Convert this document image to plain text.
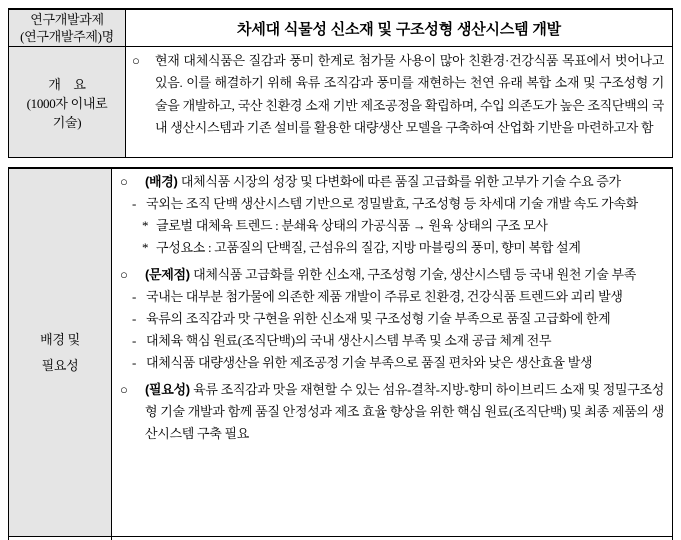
연구개발과제
(연구개발주제)명	차세대 식물성 신소재 및 구조성형 생산시스템 개발
개　요
(1000자 이내로
기술)

○ 현재 대체식품은 질감과 풍미 한계로 첨가물 사용이 많아 친환경·건강식품 목표에서 벗어나고 있음. 이를 해결하기 위해 육류 조직감과 풍미를 재현하는 천연 유래 복합 소재 및 구조성형 기술을 개발하고, 국산 친환경 소재 기반 제조공정을 확립하며, 수입 의존도가 높은 조직단백의 국내 생산시스템과 기존 설비를 활용한 대량생산 모델을 구축하여 산업화 기반을 마련하고자 함

배경 및
필요성

○ (배경) 대체식품 시장의 성장 및 다변화에 따른 품질 고급화를 위한 고부가 기술 수요 증가

- 국외는 조직 단백 생산시스템 기반으로 정밀발효, 구조성형 등 차세대 기술 개발 속도 가속화

* 글로벌 대체육 트렌드 : 분쇄육 상태의 가공식품 → 원육 상태의 구조 모사

* 구성요소 : 고품질의 단백질, 근섬유의 질감, 지방 마블링의 풍미, 향미 복합 설계

○ (문제점) 대체식품 고급화를 위한 신소재, 구조성형 기술, 생산시스템 등 국내 원천 기술 부족

- 국내는 대부분 첨가물에 의존한 제품 개발이 주류로 친환경, 건강식품 트렌드와 괴리 발생

- 육류의 조직감과 맛 구현을 위한 신소재 및 구조성형 기술 부족으로 품질 고급화에 한계

- 대체육 핵심 원료(조직단백)의 국내 생산시스템 부족 및 소재 공급 체계 전무

- 대체식품 대량생산을 위한 제조공정 기술 부족으로 품질 편차와 낮은 생산효율 발생

○ (필요성) 육류 조직감과 맛을 재현할 수 있는 섬유-결착-지방-향미 하이브리드 소재 및 정밀구조성형 기술 개발과 함께 품질 안정성과 제조 효율 향상을 위한 핵심 원료(조직단백) 및 최종 제품의 생산시스템 구축 필요
